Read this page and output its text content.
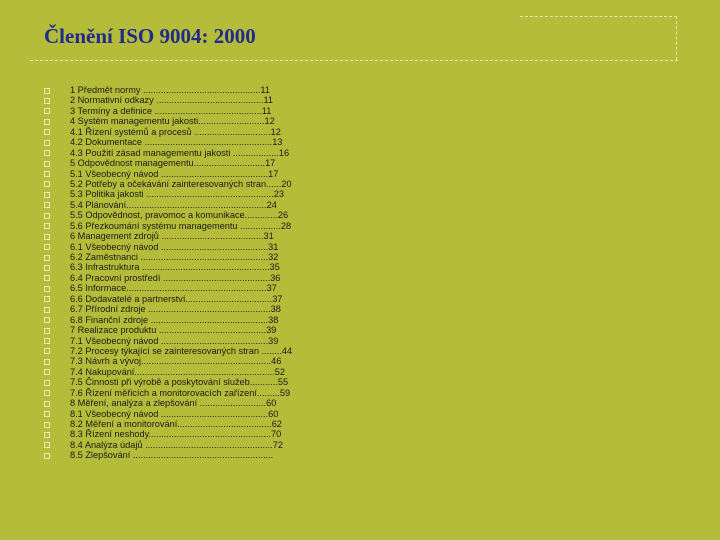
Členění ISO 9004: 2000
1 Předmět normy ..............................................11
2 Normativní odkazy ..........................................11
3 Termíny a definice ..........................................11
4 Systém managementu jakosti..........................12
4.1 Řízení systémů a procesů ..............................12
4.2 Dokumentace ..................................................13
4.3 Použití zásad managementu jakosti ..................16
5 Odpovědnost managementu............................17
5.1 Všeobecný návod ..........................................17
5.2 Potřeby a očekávání zainteresovaných stran......20
5.3 Politika jakosti ..................................................23
5.4 Plánování.......................................................24
5.5 Odpovědnost, pravomoc a komunikace.............26
5.6 Přezkoumání systému managementu ................28
6 Management zdrojů ........................................31
6.1 Všeobecný návod ..........................................31
6.2 Zaměstnanci ..................................................32
6.3 Infrastruktura ..................................................35
6.4 Pracovní prostředí ..........................................36
6.5 Informace.......................................................37
6.6 Dodavatelé a partnerství..................................37
6.7 Přírodní zdroje ................................................38
6.8 Finanční zdroje ..............................................38
7 Realizace produktu ..........................................39
7.1 Všeobecný návod ..........................................39
7.2 Procesy týkající se zainteresovaných stran ........44
7.3 Návrh a vývoj...................................................46
7.4 Nakupování.......................................................52
7.5 Činnosti při výrobě a poskytování služeb...........55
7.6 Řízení měřicích a monitorovacích zařízení.........59
8 Měření, analýza a zlepšování ..........................60
8.1 Všeobecný návod ..........................................60
8.2 Měření a monitorování.....................................62
8.3 Řízení neshody................................................70
8.4 Analýza údajů ..................................................72
8.5 Zlepšování .......................................................
